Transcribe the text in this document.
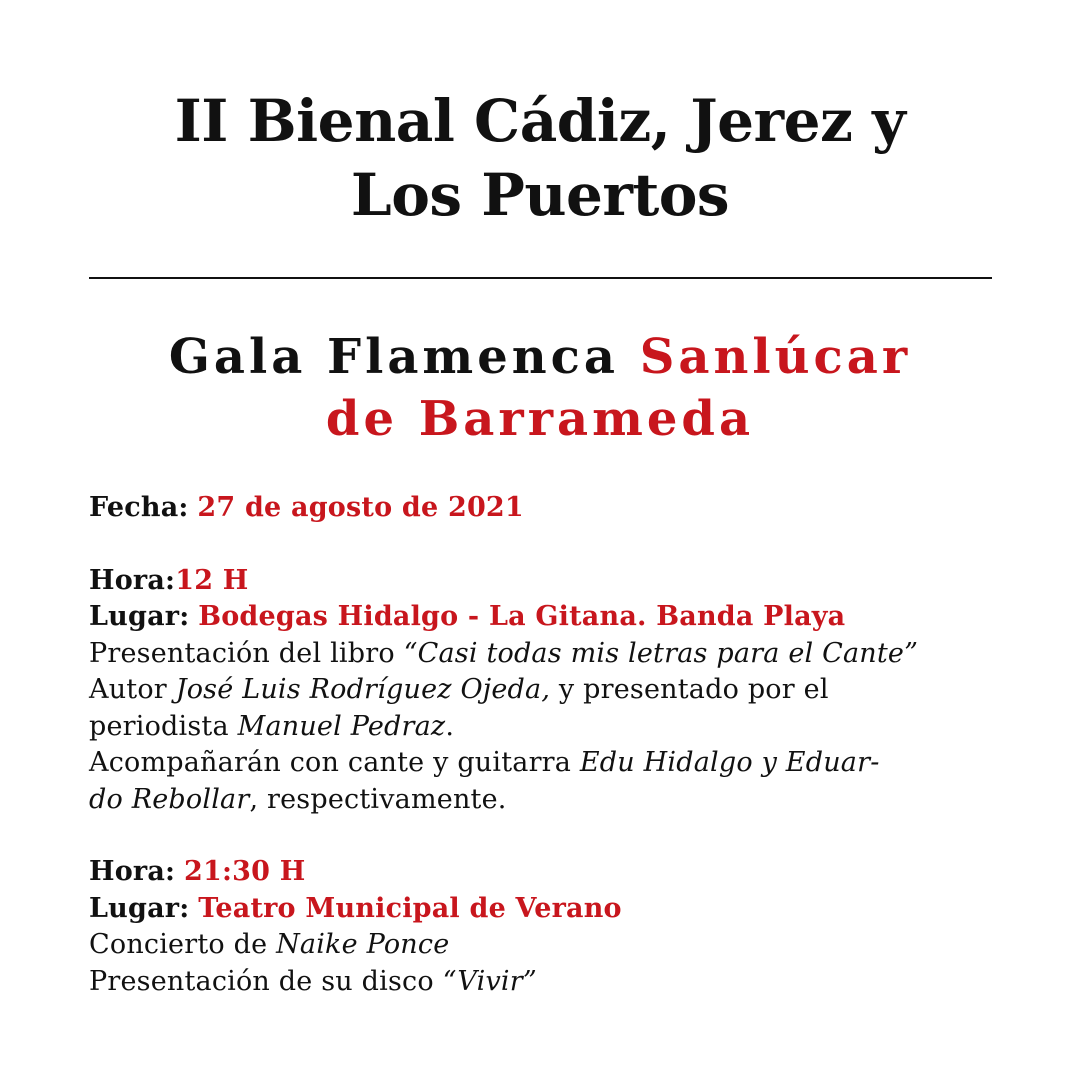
II Bienal Cádiz, Jerez y
Los Puertos
Gala Flamenca Sanlúcar
de Barrameda
Fecha: 27 de agosto de 2021
Hora:12 H
Lugar: Bodegas Hidalgo - La Gitana. Banda Playa
Presentación del libro “Casi todas mis letras para el Cante”
Autor José Luis Rodríguez Ojeda, y presentado por el
periodista Manuel Pedraz.
Acompañarán con cante y guitarra Edu Hidalgo y Eduar-
do Rebollar, respectivamente.
Hora: 21:30 H
Lugar: Teatro Municipal de Verano
Concierto de Naike Ponce
Presentación de su disco “Vivir”
